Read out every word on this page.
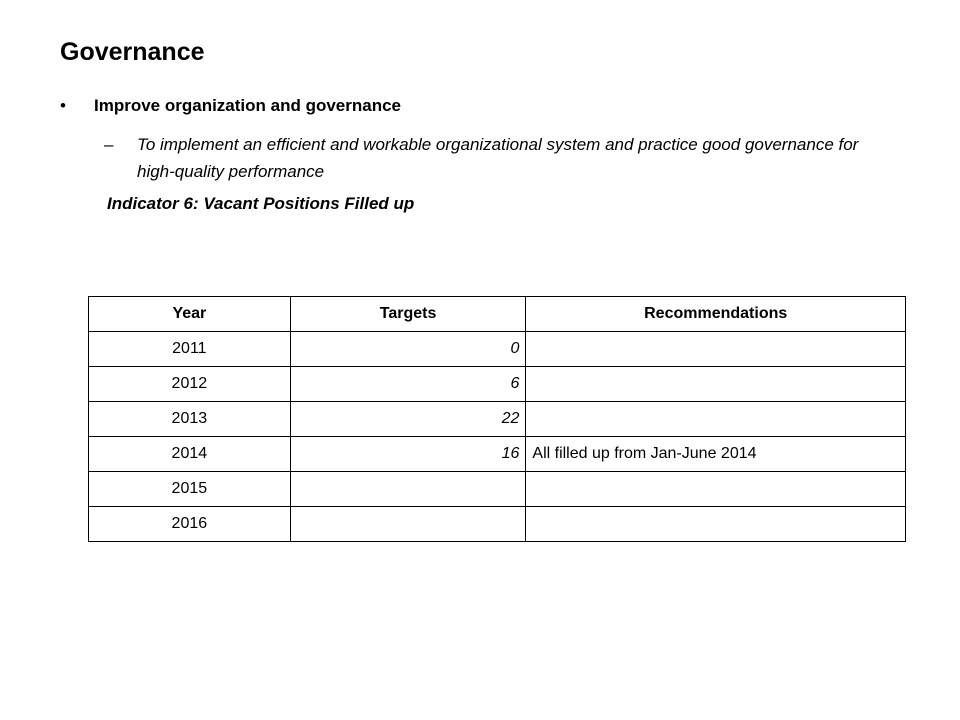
Governance
• Improve organization and governance
– To implement an efficient and workable organizational system and practice good governance for high-quality performance
Indicator 6: Vacant Positions Filled up
Year	Targets	Recommendations
2011	0	
2012	6	
2013	22	
2014	16	All filled up from Jan-June 2014
2015		
2016		
